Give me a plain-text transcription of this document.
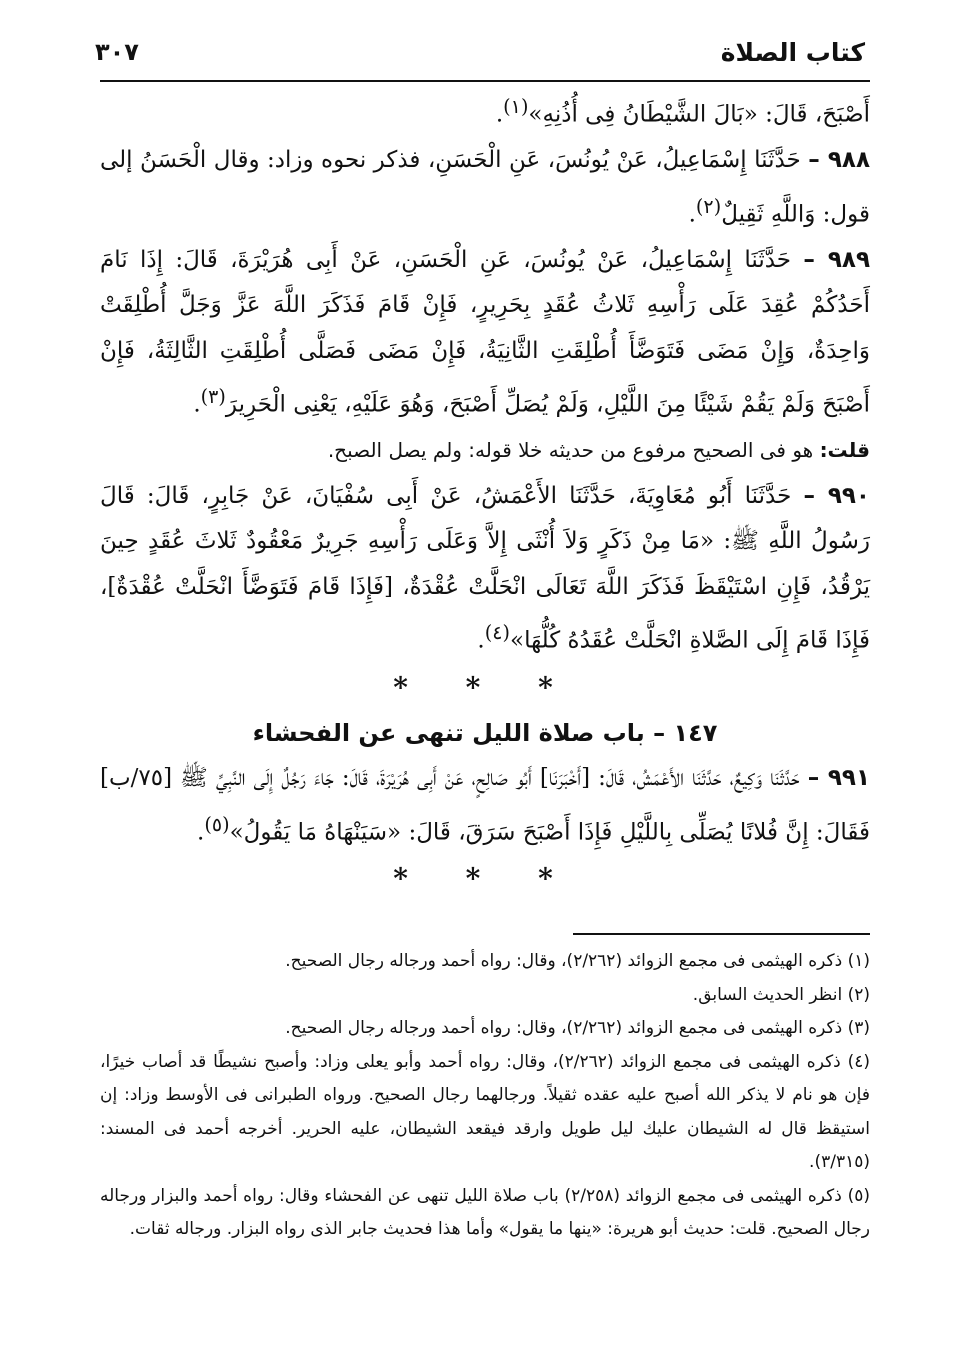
كتاب الصلاة
٣٠٧

أَصْبَحَ، قَالَ: «بَالَ الشَّيْطَانُ فِى أُذُنِهِ»$^{(١)}$.

٩٨٨ – حَدَّثَنَا إِسْمَاعِيلُ، عَنْ يُونُسَ، عَنِ الْحَسَنِ، فذكر نحوه وزاد: وقال الْحَسَنُ إلى قول: وَاللَّهِ ثَقِيلٌ$^{(٢)}$.

٩٨٩ – حَدَّثَنَا إِسْمَاعِيلُ، عَنْ يُونُسَ، عَنِ الْحَسَنِ، عَنْ أَبِى هُرَيْرَةَ، قَالَ: إِذَا نَامَ أَحَدُكُمْ عُقِدَ عَلَى رَأْسِهِ ثَلاثُ عُقَدٍ بِحَرِيرٍ، فَإِنْ قَامَ فَذَكَرَ اللَّهَ عَزَّ وَجَلَّ أُطْلِقَتْ وَاحِدَةٌ، وَإِنْ مَضَى فَتَوَضَّأَ أُطْلِقَتِ الثَّانِيَةُ، فَإِنْ مَضَى فَصَلَّى أُطْلِقَتِ الثَّالِثَةُ، فَإِنْ أَصْبَحَ وَلَمْ يَقُمْ شَيْئًا مِنَ اللَّيْلِ، وَلَمْ يُصَلِّ أَصْبَحَ، وَهُوَ عَلَيْهِ، يَعْنِى الْحَرِيرَ$^{(٣)}$.

قلت: هو فى الصحيح مرفوع من حديثه خلا قوله: ولم يصل الصبح.

٩٩٠ – حَدَّثَنَا أَبُو مُعَاوِيَةَ، حَدَّثَنَا الأَعْمَشُ، عَنْ أَبِى سُفْيَانَ، عَنْ جَابِرٍ، قَالَ: قَالَ رَسُولُ اللَّهِ ﷺ: «مَا مِنْ ذَكَرٍ وَلاَ أُنْثَى إِلاَّ وَعَلَى رَأْسِهِ جَرِيرٌ مَعْقُودٌ ثَلاثَ عُقَدٍ حِينَ يَرْقُدُ، فَإِنِ اسْتَيْقَظَ فَذَكَرَ اللَّهَ تَعَالَى انْحَلَّتْ عُقْدَةٌ، [فَإِذَا قَامَ فَتَوَضَّأَ انْحَلَّتْ عُقْدَةٌ]، فَإِذَا قَامَ إِلَى الصَّلاةِ انْحَلَّتْ عُقَدُهُ كُلُّهَا»$^{(٤)}$.

* * *

١٤٧ – باب صلاة الليل تنهى عن الفحشاء

٩٩١ – حَدَّثَنَا وَكِيعٌ، حَدَّثَنَا الأَعْمَشُ، قَالَ: [أَخْبَرَنَا] أَبُو صَالِحٍ، عَنْ أَبِى هُرَيْرَةَ، قَالَ: جَاءَ رَجُلٌ إِلَى النَّبِيِّ ﷺ [٧٥/ب] فَقَالَ: إِنَّ فُلانًا يُصَلِّى بِاللَّيْلِ فَإِذَا أَصْبَحَ سَرَقَ، قَالَ: «سَيَنْهَاهُ مَا يَقُولُ»$^{(٥)}$.

* * *

(١) ذكره الهيثمى فى مجمع الزوائد (٢/٢٦٢)، وقال: رواه أحمد ورجاله رجال الصحيح.

(٢) انظر الحديث السابق.

(٣) ذكره الهيثمى فى مجمع الزوائد (٢/٢٦٢)، وقال: رواه أحمد ورجاله رجال الصحيح.

(٤) ذكره الهيثمى فى مجمع الزوائد (٢/٢٦٢)، وقال: رواه أحمد وأبو يعلى وزاد: وأصبح نشيطًا قد أصاب خيرًا، فإن هو نام لا يذكر الله أصبح عليه عقده ثقيلاً. ورجالهما رجال الصحيح. ورواه الطبرانى فى الأوسط وزاد: إن استيقظ قال له الشيطان عليك ليل طويل وارقد فيقعد الشيطان، عليه الحرير. أخرجه أحمد فى المسند: (٣/٣١٥).

(٥) ذكره الهيثمى فى مجمع الزوائد (٢/٢٥٨) باب صلاة الليل تنهى عن الفحشاء وقال: رواه أحمد والبزار ورجاله رجال الصحيح. قلت: حديث أبو هريرة: «ينها ما يقول» وأما هذا فحديث جابر الذى رواه البزار. ورجاله ثقات.
